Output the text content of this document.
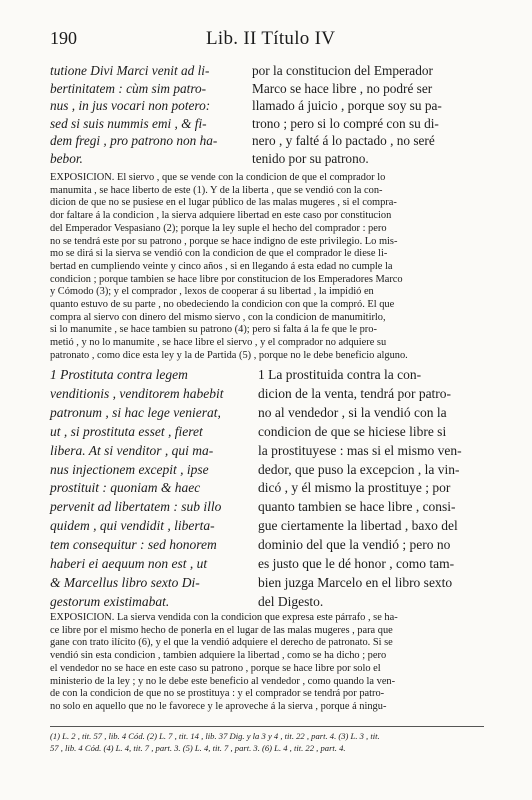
190	Lib. II Título IV
tutione Divi Marci venit ad li-
bertinitatem : cùm sim patro-
nus , in jus vocari non potero:
sed si suis nummis emi , & fi-
dem fregi , pro patrono non ha-
bebor.
por la constitucion del Emperador
Marco se hace libre , no podré ser
llamado á juicio , porque soy su pa-
trono ; pero si lo compré con su di-
nero , y falté á lo pactado , no seré
tenido por su patrono.
EXPOSICION. El siervo , que se vende con la condicion de que el comprador lo
manumita , se hace liberto de este (1). Y de la liberta , que se vendió con la con-
dicion de que no se pusiese en el lugar público de las malas mugeres , si el compra-
dor faltare á la condicion , la sierva adquiere libertad en este caso por constitucion
del Emperador Vespasiano (2); porque la ley suple el hecho del comprador : pero
no se tendrá este por su patrono , porque se hace indigno de este privilegio. Lo mis-
mo se dirá si la sierva se vendió con la condicion de que el comprador le diese li-
bertad en cumpliendo veinte y cinco años , si en llegando á esta edad no cumple la
condicion ; porque tambien se hace libre por constitucion de los Emperadores Marco
y Cómodo (3); y el comprador , lexos de cooperar á su libertad , la impidió en
quanto estuvo de su parte , no obedeciendo la condicion con que la compró. El que
compra al siervo con dinero del mismo siervo , con la condicion de manumitirlo,
si lo manumite , se hace tambien su patrono (4); pero si falta á la fe que le pro-
metió , y no lo manumite , se hace libre el siervo , y el comprador no adquiere su
patronato , como dice esta ley y la de Partida (5) , porque no le debe beneficio alguno.
1 Prostituta contra legem
venditionis , venditorem habebit
patronum , si hac lege venierat,
ut , si prostituta esset , fieret
libera. At si venditor , qui ma-
nus injectionem excepit , ipse
prostituit : quoniam & haec
pervenit ad libertatem : sub illo
quidem , qui vendidit , liberta-
tem consequitur : sed honorem
haberi ei aequum non est , ut
& Marcellus libro sexto Di-
gestorum existimabat.
1 La prostituida contra la con-
dicion de la venta, tendrá por patro-
no al vendedor , si la vendió con la
condicion de que se hiciese libre si
la prostituyese : mas si el mismo ven-
dedor, que puso la excepcion , la vin-
dicó , y él mismo la prostituye ; por
quanto tambien se hace libre , consi-
gue ciertamente la libertad , baxo del
dominio del que la vendió ; pero no
es justo que le dé honor , como tam-
bien juzga Marcelo en el libro sexto
del Digesto.
EXPOSICION. La sierva vendida con la condicion que expresa este párrafo , se ha-
ce libre por el mismo hecho de ponerla en el lugar de las malas mugeres , para que
gane con trato ilícito (6), y el que la vendió adquiere el derecho de patronato. Si se
vendió sin esta condicion , tambien adquiere la libertad , como se ha dicho ; pero
el vendedor no se hace en este caso su patrono , porque se hace libre por solo el
ministerio de la ley ; y no le debe este beneficio al vendedor , como quando la ven-
de con la condicion de que no se prostituya : y el comprador se tendrá por patro-
no solo en aquello que no le favorece y le aproveche á la sierva , porque á ningu-
(1) L. 2 , tit. 57 , lib. 4 Cód. (2) L. 7 , tit. 14 , lib. 37 Dig. y la 3 y 4 , tit. 22 , part. 4. (3) L. 3 , tit.
57 , lib. 4 Cód. (4) L. 4, tit. 7 , part. 3. (5) L. 4, tit. 7 , part. 3. (6) L. 4 , tit. 22 , part. 4.
